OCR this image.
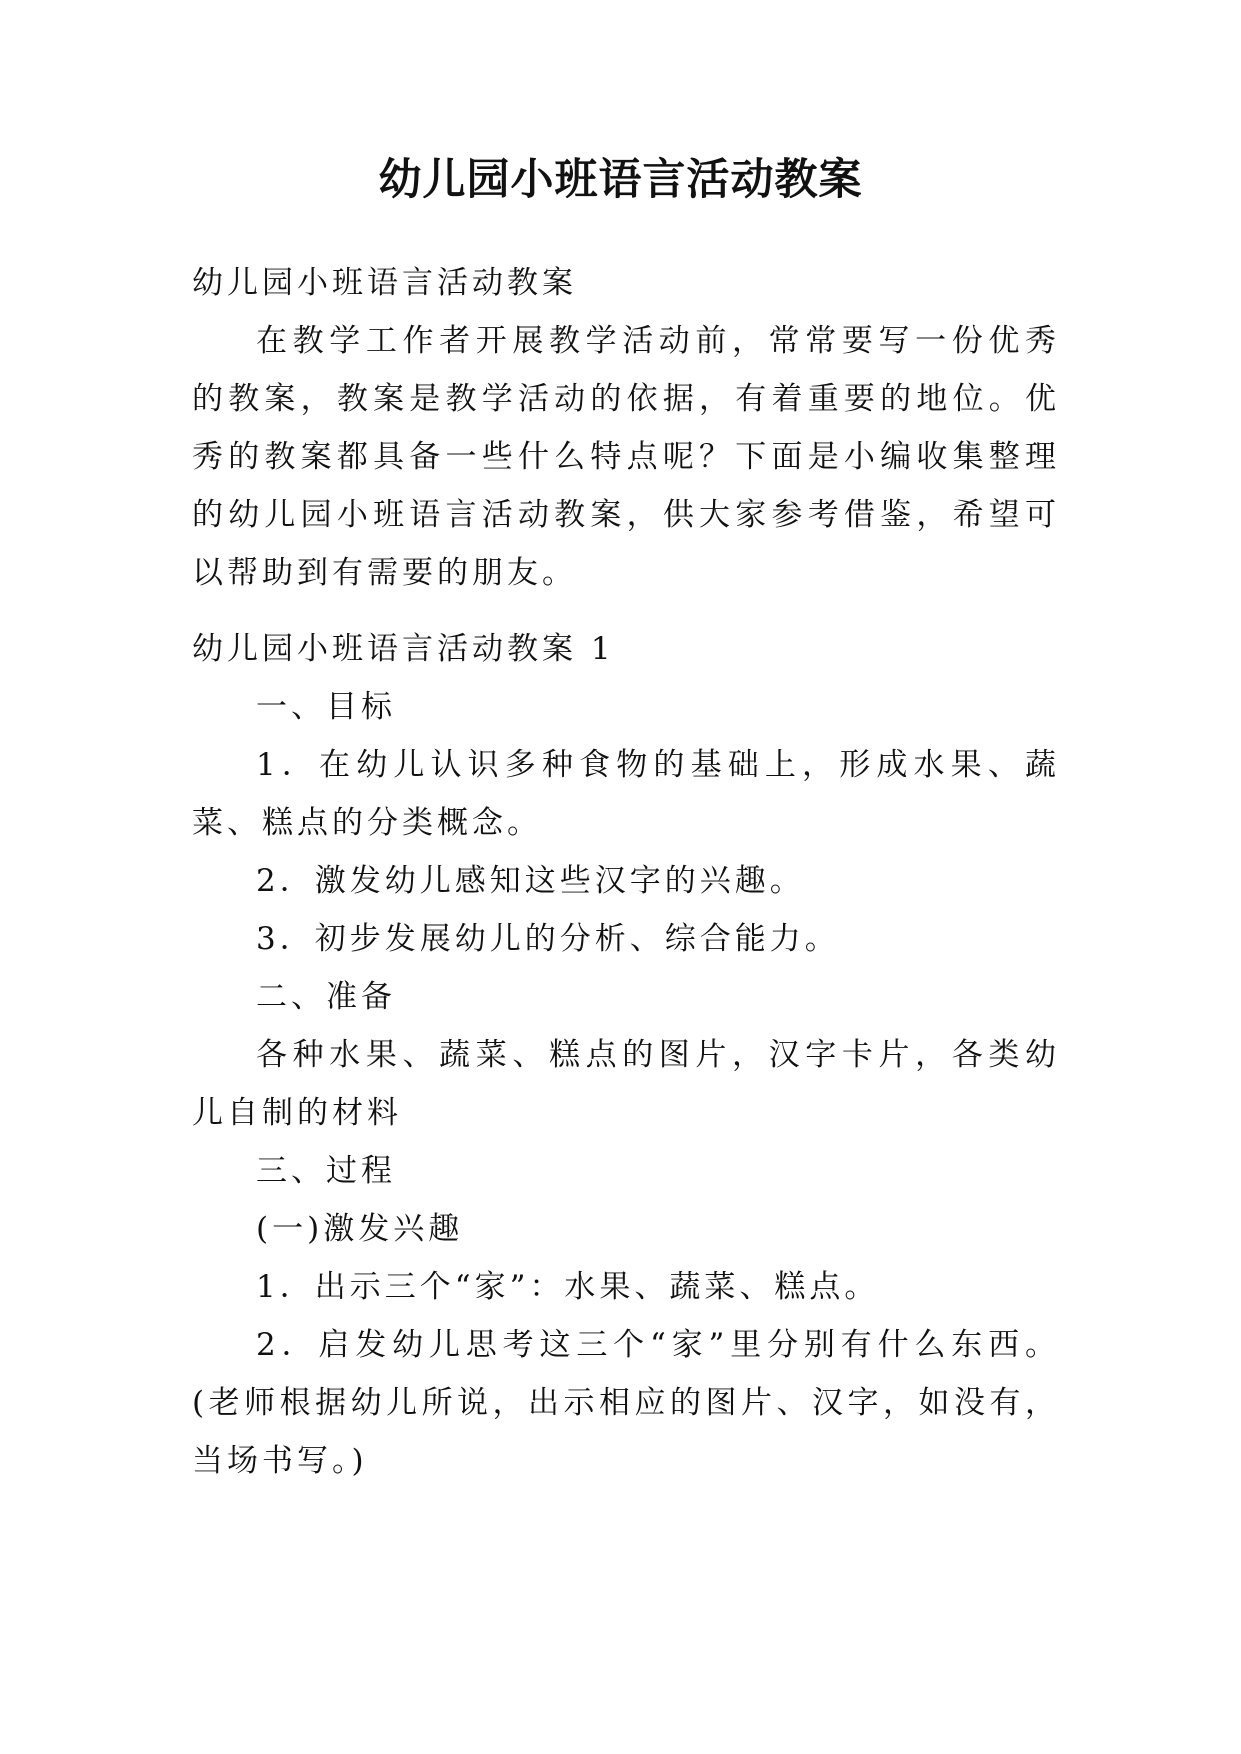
幼儿园小班语言活动教案
幼儿园小班语言活动教案

在教学工作者开展教学活动前，常常要写一份优秀的教案，教案是教学活动的依据，有着重要的地位。优秀的教案都具备一些什么特点呢？下面是小编收集整理的幼儿园小班语言活动教案，供大家参考借鉴，希望可以帮助到有需要的朋友。

幼儿园小班语言活动教案 1
一、目标

1．在幼儿认识多种食物的基础上，形成水果、蔬菜、糕点的分类概念。

2．激发幼儿感知这些汉字的兴趣。
3．初步发展幼儿的分析、综合能力。
二、准备

各种水果、蔬菜、糕点的图片，汉字卡片，各类幼儿自制的材料

三、过程
(一)激发兴趣
1．出示三个“家”：水果、蔬菜、糕点。

2．启发幼儿思考这三个“家”里分别有什么东西。(老师根据幼儿所说，出示相应的图片、汉字，如没有，当场书写。)
